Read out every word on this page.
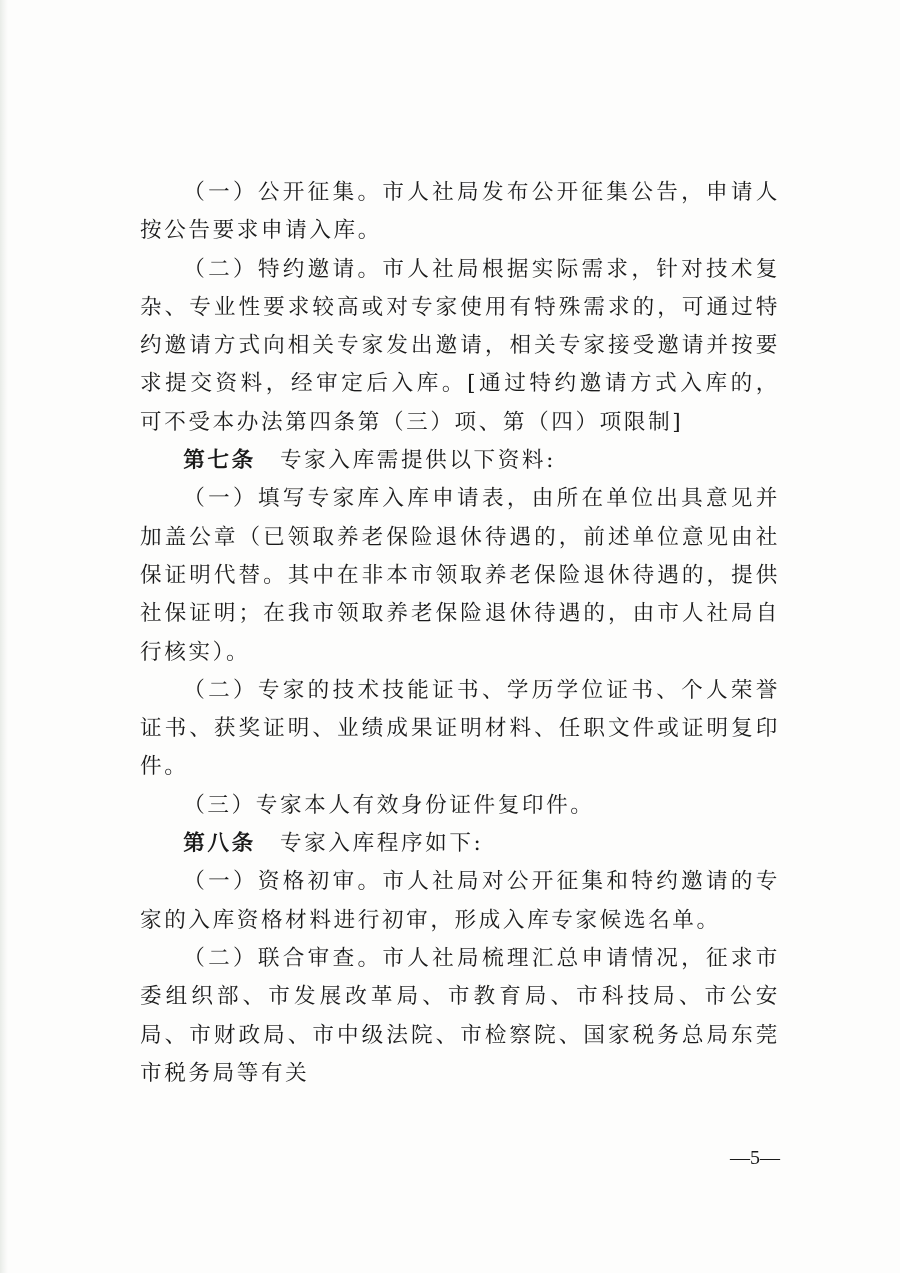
（一）公开征集。市人社局发布公开征集公告，申请人按公告要求申请入库。

（二）特约邀请。市人社局根据实际需求，针对技术复杂、专业性要求较高或对专家使用有特殊需求的，可通过特约邀请方式向相关专家发出邀请，相关专家接受邀请并按要求提交资料，经审定后入库。[通过特约邀请方式入库的，可不受本办法第四条第（三）项、第（四）项限制]

第七条　 专家入库需提供以下资料:

（一）填写专家库入库申请表，由所在单位出具意见并加盖公章（已领取养老保险退休待遇的，前述单位意见由社保证明代替。其中在非本市领取养老保险退休待遇的，提供社保证明；在我市领取养老保险退休待遇的，由市人社局自行核实）。

（二）专家的技术技能证书、学历学位证书、个人荣誉证书、获奖证明、业绩成果证明材料、任职文件或证明复印件。

（三）专家本人有效身份证件复印件。

第八条　 专家入库程序如下:

（一）资格初审。市人社局对公开征集和特约邀请的专家的入库资格材料进行初审，形成入库专家候选名单。

（二）联合审查。市人社局梳理汇总申请情况，征求市委组织部、市发展改革局、市教育局、市科技局、市公安局、市财政局、市中级法院、市检察院、国家税务总局东莞市税务局等有关

—5—
